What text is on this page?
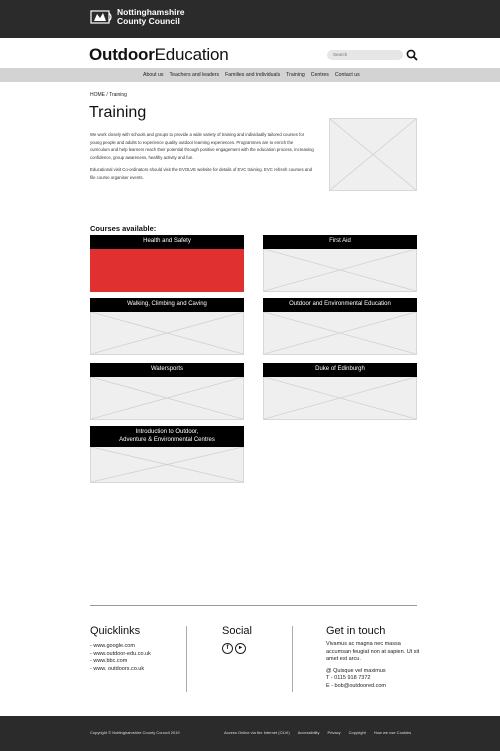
Nottinghamshire
County Council
OutdoorEducation
Search
About us Teachers and leaders Families and individuals Training Centres Contact us
HOME / Training
Training

We work closely with schools and groups to provide a wide variety of training and individually tailored courses for young people and adults to experience quality outdoor learning experiences. Programmes are to enrich the curriculum and help learners reach their potential through positive engagement with the education process, increasing confidence, group awareness, healthy activity and fun.

Educational visit Co-ordinators should visit the EVOLVE website for details of EVC training. EVC refresh courses and file course organiser events.

Courses available:
Health and Safety	First Aid
Walking, Climbing and Caving	Outdoor and Environmental Education
Watersports	Duke of Edinburgh
Introduction to Outdoor,
Adventure & Environmental Centres
Quicklinks
- www.google.com
- www.outdoor-edu.co.uk
- www.bbc.com
- www. outdoors.co.uk
Social
f	▸
Get in touch

Vivamus ac magna nec massa accumsan feugiat non at sapien. Ut sit amet est arcu.

@ Quisque vel maximus
T - 0115 918 7372
E - bob@outdoored.com
Copyright © Nottinghamshire County Council 2019	Access Online via the Internet (OLVI) Accessibility Privacy Copyright How we use Cookies
